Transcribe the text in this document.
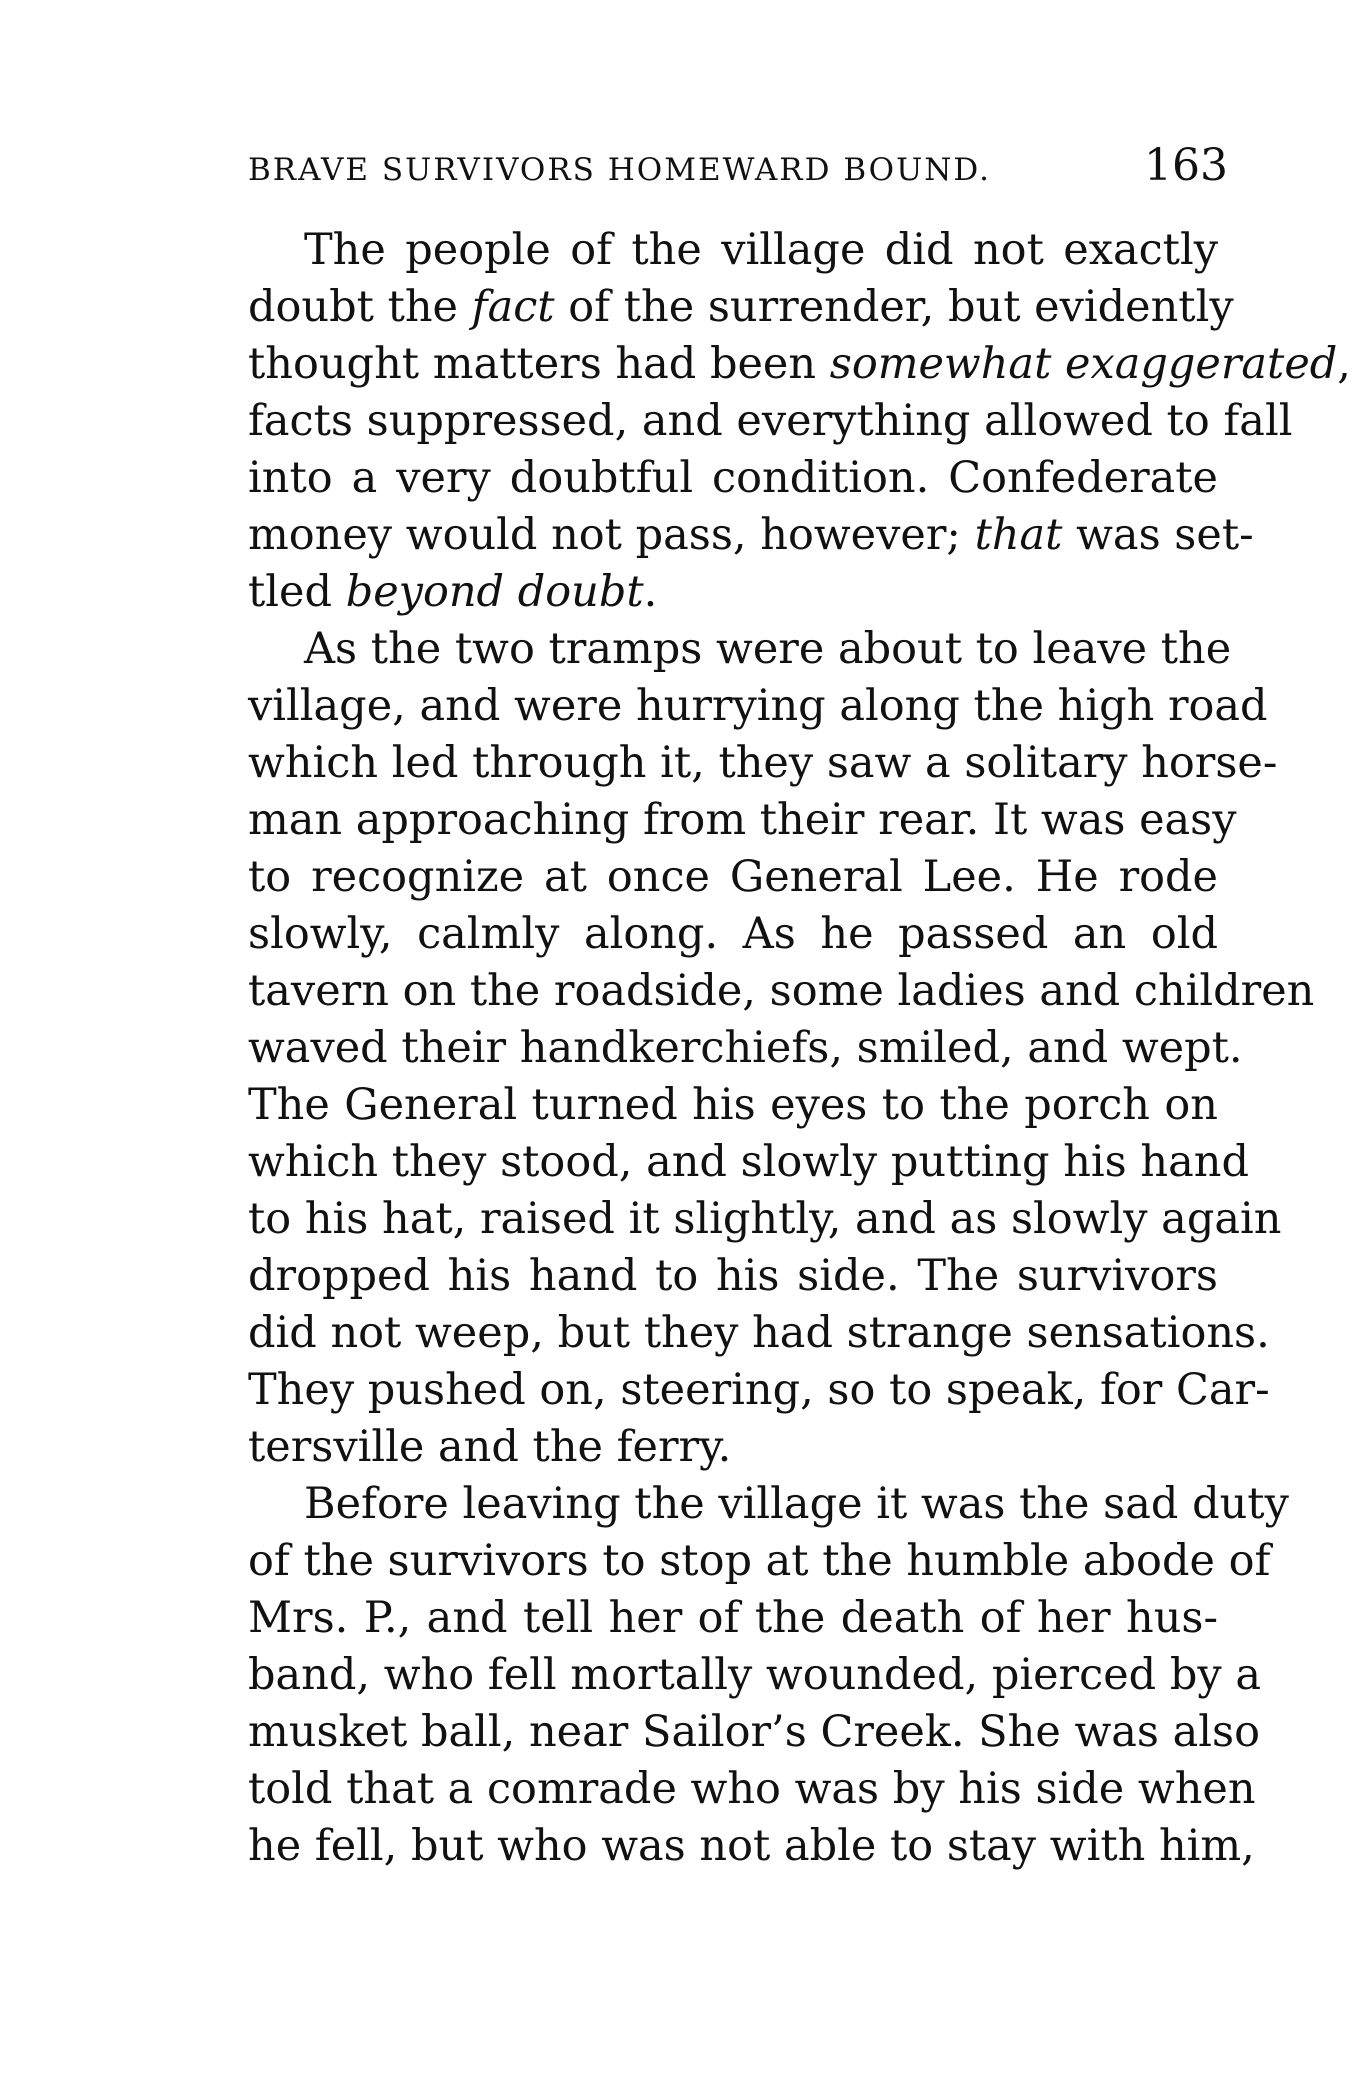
BRAVE SURVIVORS HOMEWARD BOUND.	163
The people of the village did not exactly
doubt the fact of the surrender, but evidently
thought matters had been somewhat exaggerated,
facts suppressed, and everything allowed to fall
into a very doubtful condition. Confederate
money would not pass, however; that was set-
tled beyond doubt.
As the two tramps were about to leave the
village, and were hurrying along the high road
which led through it, they saw a solitary horse-
man approaching from their rear. It was easy
to recognize at once General Lee. He rode
slowly, calmly along. As he passed an old
tavern on the roadside, some ladies and children
waved their handkerchiefs, smiled, and wept.
The General turned his eyes to the porch on
which they stood, and slowly putting his hand
to his hat, raised it slightly, and as slowly again
dropped his hand to his side. The survivors
did not weep, but they had strange sensations.
They pushed on, steering, so to speak, for Car-
tersville and the ferry.
Before leaving the village it was the sad duty
of the survivors to stop at the humble abode of
Mrs. P., and tell her of the death of her hus-
band, who fell mortally wounded, pierced by a
musket ball, near Sailor’s Creek. She was also
told that a comrade who was by his side when
he fell, but who was not able to stay with him,
